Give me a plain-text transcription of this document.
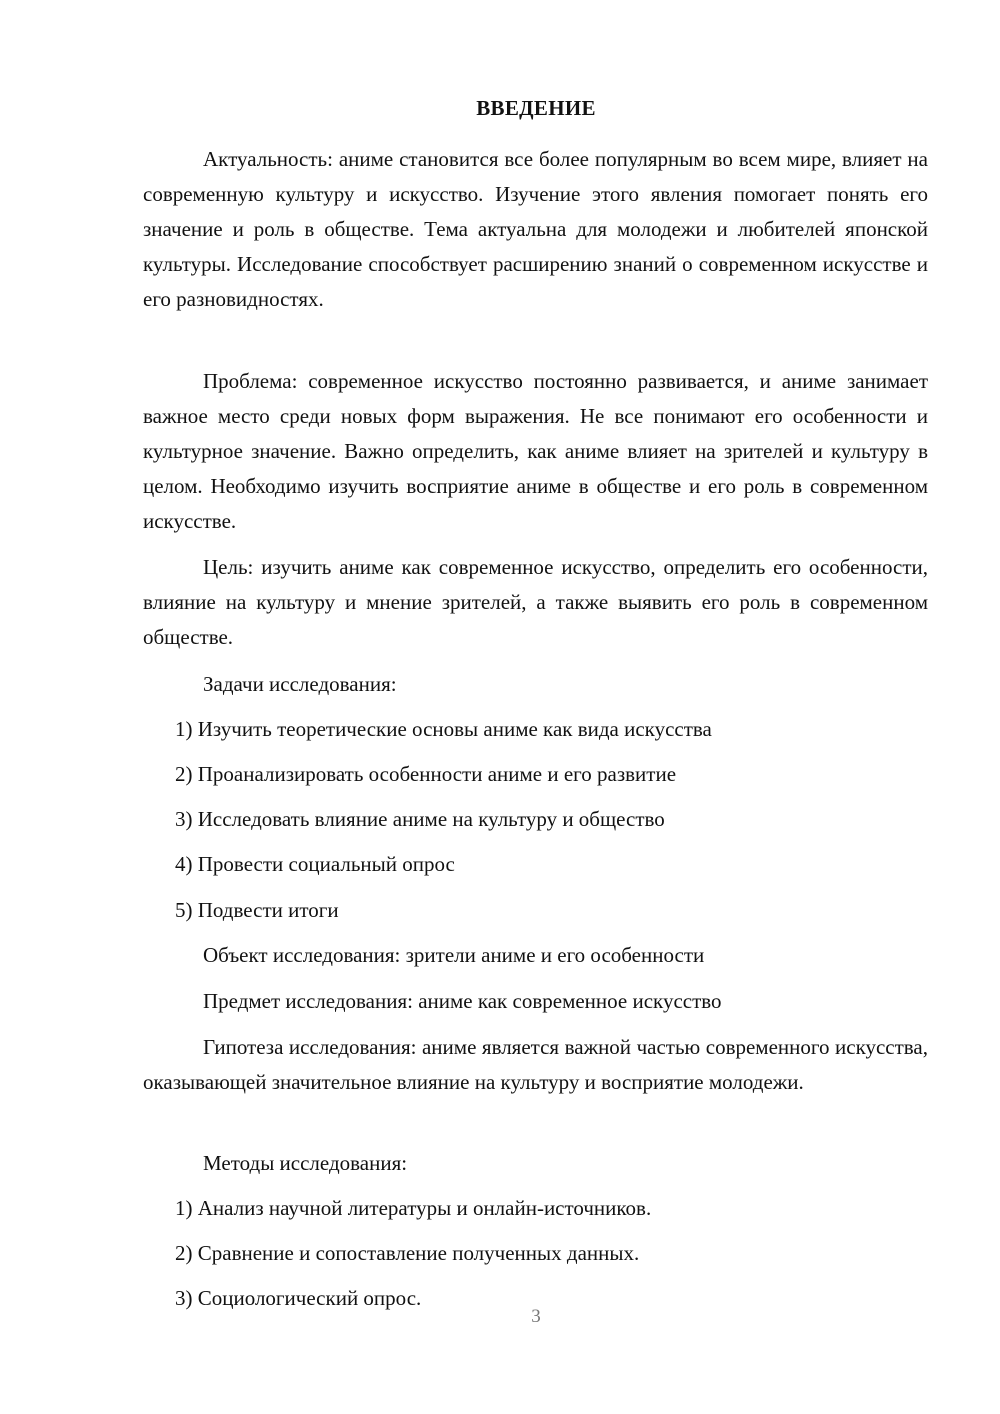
ВВЕДЕНИЕ

Актуальность: аниме становится все более популярным во всем мире, влияет на современную культуру и искусство. Изучение этого явления помогает понять его значение и роль в обществе. Тема актуальна для молодежи и любителей японской культуры. Исследование способствует расширению знаний о современном искусстве и его разновидностях.

Проблема: современное искусство постоянно развивается, и аниме занимает важное место среди новых форм выражения. Не все понимают его особенности и культурное значение. Важно определить, как аниме влияет на зрителей и культуру в целом. Необходимо изучить восприятие аниме в обществе и его роль в современном искусстве.

Цель: изучить аниме как современное искусство, определить его особенности, влияние на культуру и мнение зрителей, а также выявить его роль в современном обществе.

Задачи исследования:
1) Изучить теоретические основы аниме как вида искусства
2) Проанализировать особенности аниме и его развитие
3) Исследовать влияние аниме на культуру и общество
4) Провести социальный опрос
5) Подвести итоги
Объект исследования: зрители аниме и его особенности
Предмет исследования: аниме как современное искусство

Гипотеза исследования: аниме является важной частью современного искусства, оказывающей значительное влияние на культуру и восприятие молодежи.

Методы исследования:
1) Анализ научной литературы и онлайн-источников.
2) Сравнение и сопоставление полученных данных.
3) Социологический опрос.
3
